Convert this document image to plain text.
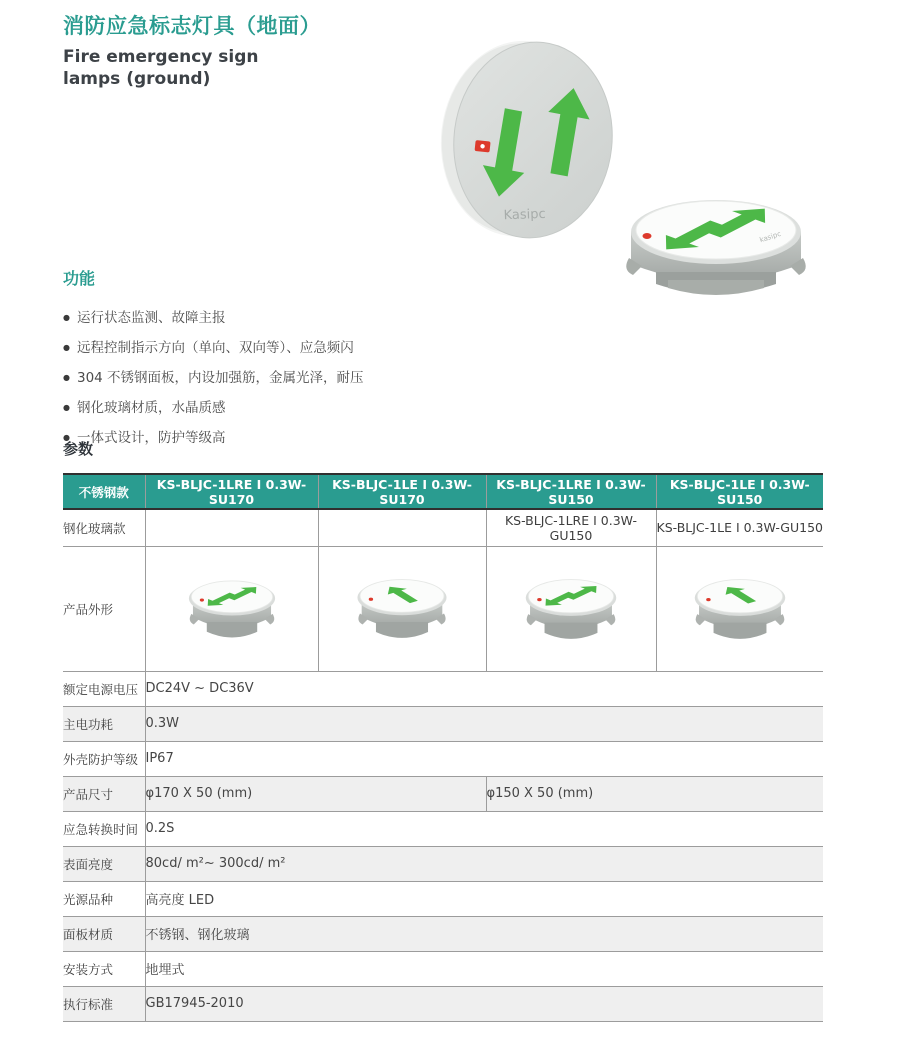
消防应急标志灯具（地面）

Fire emergency sign
lamps (ground)

Kasipc
kasipc
功能
● 运行状态监测、故障主报
● 远程控制指示方向（单向、双向等）、应急频闪
● 304 不锈钢面板，内设加强筋，金属光泽，耐压
● 钢化玻璃材质，水晶质感
● 一体式设计，防护等级高
参数
不锈钢款	KS-BLJC-1LRE I 0.3W-SU170	KS-BLJC-1LE I 0.3W-SU170	KS-BLJC-1LRE I 0.3W-SU150	KS-BLJC-1LE I 0.3W-SU150
钢化玻璃款			KS-BLJC-1LRE I 0.3W-GU150	KS-BLJC-1LE I 0.3W-GU150
产品外形	

额定电源电压	DC24V ~ DC36V			
主电功耗	0.3W			
外壳防护等级	IP67			
产品尺寸	φ170 X 50 (mm)		φ150 X 50 (mm)	
应急转换时间	0.2S			
表面亮度	80cd/ m²~ 300cd/ m²			
光源品种	高亮度 LED			
面板材质	不锈钢、钢化玻璃			
安装方式	地埋式			
执行标准	GB17945-2010			
